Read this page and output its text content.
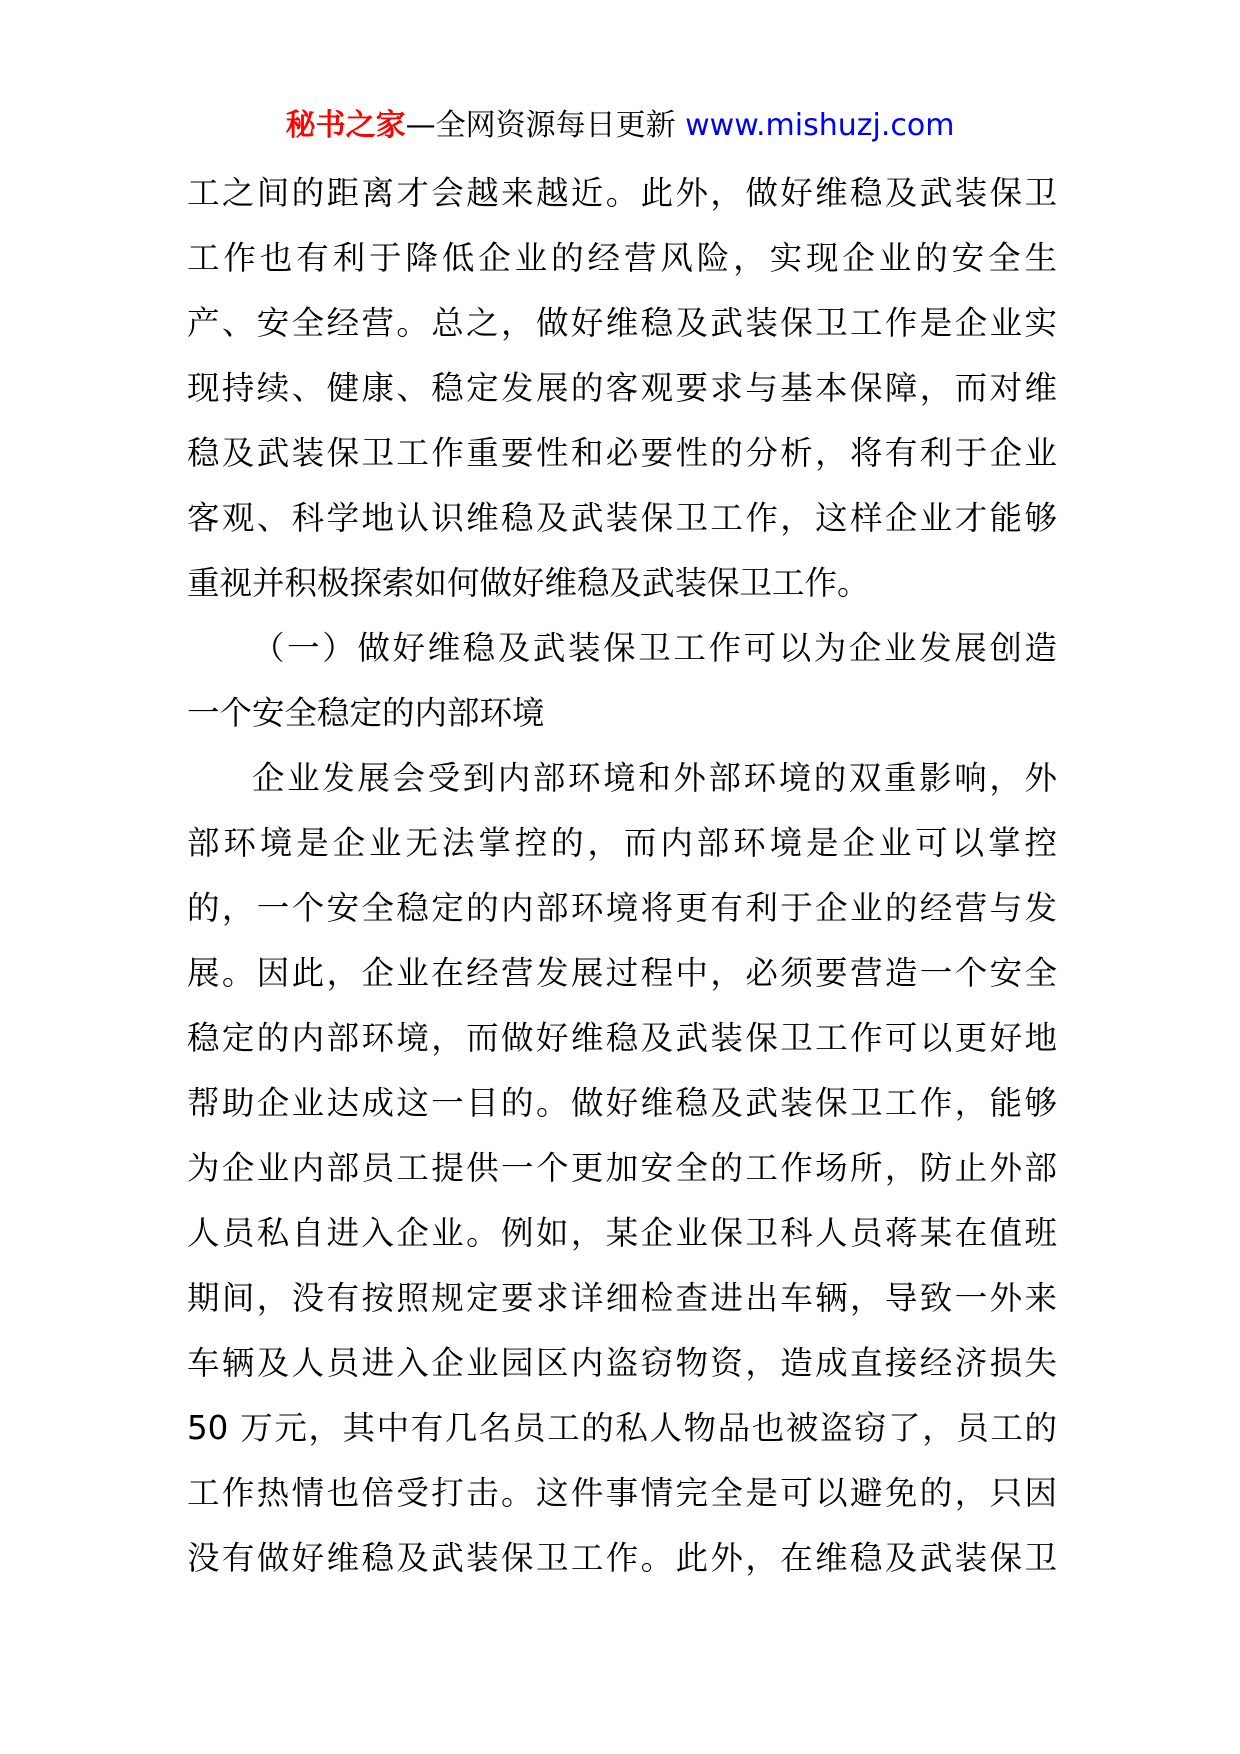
秘书之家—全网资源每日更新 www.mishuzj.com
工之间的距离才会越来越近。此外，做好维稳及武装保卫
工作也有利于降低企业的经营风险，实现企业的安全生
产、安全经营。总之，做好维稳及武装保卫工作是企业实
现持续、健康、稳定发展的客观要求与基本保障，而对维
稳及武装保卫工作重要性和必要性的分析，将有利于企业
客观、科学地认识维稳及武装保卫工作，这样企业才能够
重视并积极探索如何做好维稳及武装保卫工作。
（一）做好维稳及武装保卫工作可以为企业发展创造
一个安全稳定的内部环境
企业发展会受到内部环境和外部环境的双重影响，外
部环境是企业无法掌控的，而内部环境是企业可以掌控
的，一个安全稳定的内部环境将更有利于企业的经营与发
展。因此，企业在经营发展过程中，必须要营造一个安全
稳定的内部环境，而做好维稳及武装保卫工作可以更好地
帮助企业达成这一目的。做好维稳及武装保卫工作，能够
为企业内部员工提供一个更加安全的工作场所，防止外部
人员私自进入企业。例如，某企业保卫科人员蒋某在值班
期间，没有按照规定要求详细检查进出车辆，导致一外来
车辆及人员进入企业园区内盗窃物资，造成直接经济损失
50 万元，其中有几名员工的私人物品也被盗窃了，员工的
工作热情也倍受打击。这件事情完全是可以避免的，只因
没有做好维稳及武装保卫工作。此外，在维稳及武装保卫
